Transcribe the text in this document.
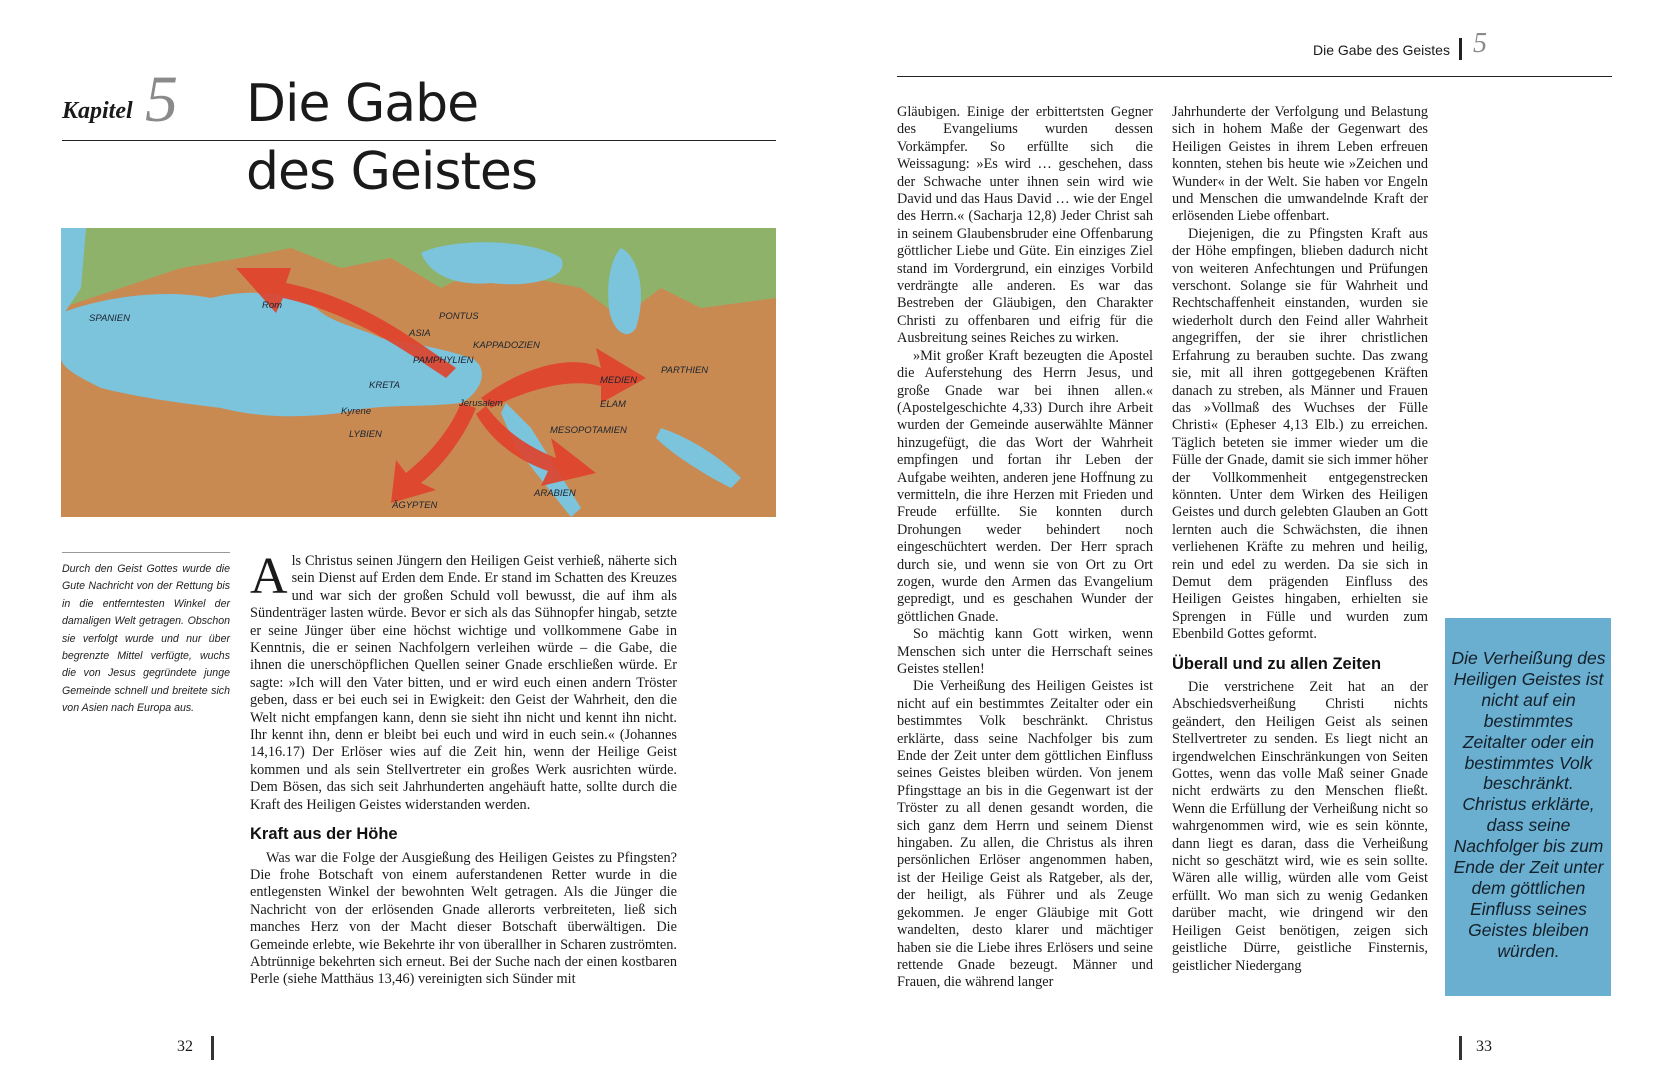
Kapitel 5 Die Gabe
des Geistes
SPANIEN
Rom
PONTUS
ASIA
KAPPADOZIEN
PAMPHYLIEN
KRETA
Jerusalem
Kyrene
LYBIEN
ÄGYPTEN
ARABIEN
MESOPOTAMIEN
MEDIEN
ELAM
PARTHIEN
Durch den Geist Gottes wurde die Gute Nachricht von der Rettung bis in die entferntesten Winkel der damaligen Welt getragen. Obschon sie verfolgt wurde und nur über begrenzte Mittel verfügte, wuchs die von Jesus gegründete junge Gemeinde schnell und breitete sich von Asien nach Europa aus.

Als Christus seinen Jüngern den Heiligen Geist verhieß, näherte sich sein Dienst auf Erden dem Ende. Er stand im Schatten des Kreuzes und war sich der großen Schuld voll bewusst, die auf ihm als Sündenträger lasten würde. Bevor er sich als das Sühnopfer hingab, setzte er seine Jünger über eine höchst wichtige und vollkommene Gabe in Kenntnis, die er seinen Nachfolgern verleihen würde – die Gabe, die ihnen die unerschöpflichen Quellen seiner Gnade erschließen würde. Er sagte: »Ich will den Vater bitten, und er wird euch einen andern Tröster geben, dass er bei euch sei in Ewigkeit: den Geist der Wahrheit, den die Welt nicht empfangen kann, denn sie sieht ihn nicht und kennt ihn nicht. Ihr kennt ihn, denn er bleibt bei euch und wird in euch sein.« (Johannes 14,16.17) Der Erlöser wies auf die Zeit hin, wenn der Heilige Geist kommen und als sein Stellvertreter ein großes Werk ausrichten würde. Dem Bösen, das sich seit Jahrhunderten angehäuft hatte, sollte durch die Kraft des Heiligen Geistes widerstanden werden.

Kraft aus der Höhe

Was war die Folge der Ausgießung des Heiligen Geistes zu Pfingsten? Die frohe Botschaft von einem auferstandenen Retter wurde in die entlegensten Winkel der bewohnten Welt getragen. Als die Jünger die Nachricht von der erlösenden Gnade allerorts verbreiteten, ließ sich manches Herz von der Macht dieser Botschaft überwältigen. Die Gemeinde erlebte, wie Bekehrte ihr von überallher in Scharen zuströmten. Abtrünnige bekehrten sich erneut. Bei der Suche nach der einen kostbaren Perle (siehe Matthäus 13,46) vereinigten sich Sünder mit

32
Die Gabe des Geistes 5

Gläubigen. Einige der erbittertsten Gegner des Evangeliums wurden dessen Vorkämpfer. So erfüllte sich die Weissagung: »Es wird … geschehen, dass der Schwache unter ihnen sein wird wie David und das Haus David … wie der Engel des Herrn.« (Sacharja 12,8) Jeder Christ sah in seinem Glaubensbruder eine Offenbarung göttlicher Liebe und Güte. Ein einziges Ziel stand im Vordergrund, ein einziges Vorbild verdrängte alle anderen. Es war das Bestreben der Gläubigen, den Charakter Christi zu offenbaren und eifrig für die Ausbreitung seines Reiches zu wirken.

»Mit großer Kraft bezeugten die Apostel die Auferstehung des Herrn Jesus, und große Gnade war bei ihnen allen.« (Apostelgeschichte 4,33) Durch ihre Arbeit wurden der Gemeinde auserwählte Männer hinzugefügt, die das Wort der Wahrheit empfingen und fortan ihr Leben der Aufgabe weihten, anderen jene Hoffnung zu vermitteln, die ihre Herzen mit Frieden und Freude erfüllte. Sie konnten durch Drohungen weder behindert noch eingeschüchtert werden. Der Herr sprach durch sie, und wenn sie von Ort zu Ort zogen, wurde den Armen das Evangelium gepredigt, und es geschahen Wunder der göttlichen Gnade.

So mächtig kann Gott wirken, wenn Menschen sich unter die Herrschaft seines Geistes stellen!

Die Verheißung des Heiligen Geistes ist nicht auf ein bestimmtes Zeitalter oder ein bestimmtes Volk beschränkt. Christus erklärte, dass seine Nachfolger bis zum Ende der Zeit unter dem göttlichen Einfluss seines Geistes bleiben würden. Von jenem Pfingsttage an bis in die Gegenwart ist der Tröster zu all denen gesandt worden, die sich ganz dem Herrn und seinem Dienst hingaben. Zu allen, die Christus als ihren persönlichen Erlöser angenommen haben, ist der Heilige Geist als Ratgeber, als der, der heiligt, als Führer und als Zeuge gekommen. Je enger Gläubige mit Gott wandelten, desto klarer und mächtiger haben sie die Liebe ihres Erlösers und seine rettende Gnade bezeugt. Männer und Frauen, die während langer

Jahrhunderte der Verfolgung und Belastung sich in hohem Maße der Gegenwart des Heiligen Geistes in ihrem Leben erfreuen konnten, stehen bis heute wie »Zeichen und Wunder« in der Welt. Sie haben vor Engeln und Menschen die umwandelnde Kraft der erlösenden Liebe offenbart.

Diejenigen, die zu Pfingsten Kraft aus der Höhe empfingen, blieben dadurch nicht von weiteren Anfechtungen und Prüfungen verschont. Solange sie für Wahrheit und Rechtschaffenheit einstanden, wurden sie wiederholt durch den Feind aller Wahrheit angegriffen, der sie ihrer christlichen Erfahrung zu berauben suchte. Das zwang sie, mit all ihren gottgegebenen Kräften danach zu streben, als Männer und Frauen das »Vollmaß des Wuchses der Fülle Christi« (Epheser 4,13 Elb.) zu erreichen. Täglich beteten sie immer wieder um die Fülle der Gnade, damit sie sich immer höher der Vollkommenheit entgegenstrecken könnten. Unter dem Wirken des Heiligen Geistes und durch gelebten Glauben an Gott lernten auch die Schwächsten, die ihnen verliehenen Kräfte zu mehren und heilig, rein und edel zu werden. Da sie sich in Demut dem prägenden Einfluss des Heiligen Geistes hingaben, erhielten sie Sprengen in Fülle und wurden zum Ebenbild Gottes geformt.

Überall und zu allen Zeiten

Die verstrichene Zeit hat an der Abschiedsverheißung Christi nichts geändert, den Heiligen Geist als seinen Stellvertreter zu senden. Es liegt nicht an irgendwelchen Einschränkungen von Seiten Gottes, wenn das volle Maß seiner Gnade nicht erdwärts zu den Menschen fließt. Wenn die Erfüllung der Verheißung nicht so wahrgenommen wird, wie es sein könnte, dann liegt es daran, dass die Verheißung nicht so geschätzt wird, wie es sein sollte. Wären alle willig, würden alle vom Geist erfüllt. Wo man sich zu wenig Gedanken darüber macht, wie dringend wir den Heiligen Geist benötigen, zeigen sich geistliche Dürre, geistliche Finsternis, geistlicher Niedergang

Die Verheißung des Heiligen Geistes ist nicht auf ein bestimmtes Zeitalter oder ein bestimmtes Volk beschränkt. Christus erklärte, dass seine Nachfolger bis zum Ende der Zeit unter dem göttlichen Einfluss seines Geistes bleiben würden.
33
